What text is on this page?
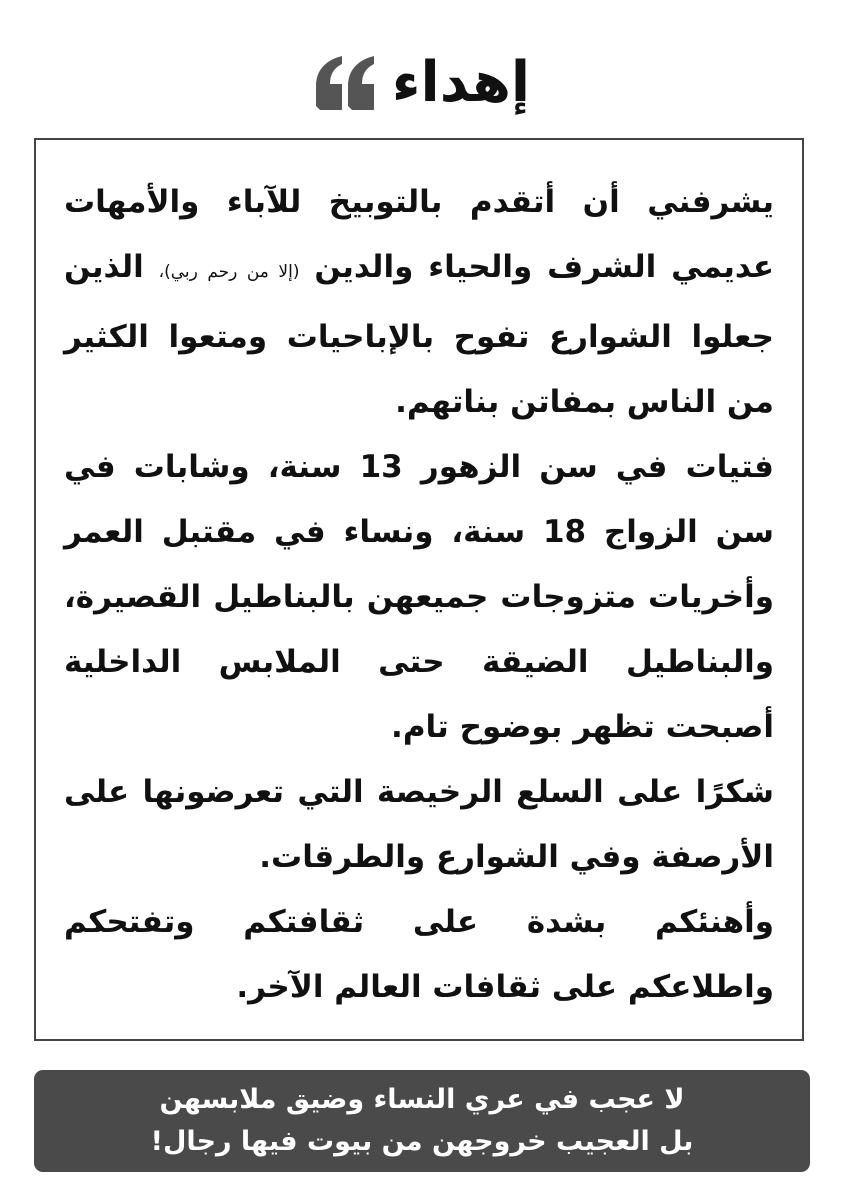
إهداء

يشرفني أن أتقدم بالتوبيخ للآباء والأمهات عديمي الشرف والحياء والدين (إلا من رحم ربي)، الذين جعلوا الشوارع تفوح بالإباحيات ومتعوا الكثير من الناس بمفاتن بناتهم.

فتيات في سن الزهور 13 سنة، وشابات في سن الزواج 18 سنة، ونساء في مقتبل العمر وأخريات متزوجات جميعهن بالبناطيل القصيرة، والبناطيل الضيقة حتى الملابس الداخلية أصبحت تظهر بوضوح تام.

شكرًا على السلع الرخيصة التي تعرضونها على الأرصفة وفي الشوارع والطرقات.

وأهنئكم بشدة على ثقافتكم وتفتحكم واطلاعكم على ثقافات العالم الآخر.

لا عجب في عري النساء وضيق ملابسهن
بل العجيب خروجهن من بيوت فيها رجال!
